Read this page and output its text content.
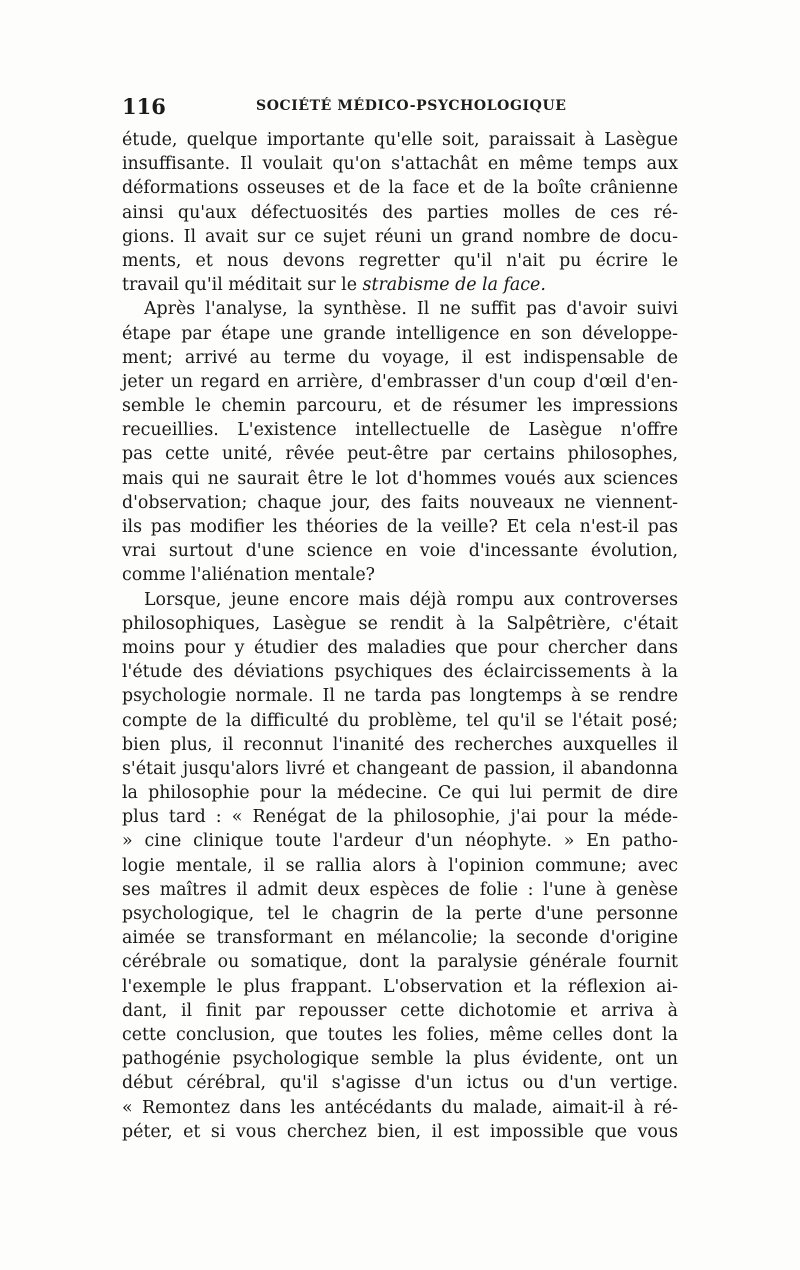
116	SOCIÉTÉ MÉDICO-PSYCHOLOGIQUE
étude, quelque importante qu'elle soit, paraissait à Lasègue
insuffisante. Il voulait qu'on s'attachât en même temps aux
déformations osseuses et de la face et de la boîte crânienne
ainsi qu'aux défectuosités des parties molles de ces ré-
gions. Il avait sur ce sujet réuni un grand nombre de docu-
ments, et nous devons regretter qu'il n'ait pu écrire le
travail qu'il méditait sur le strabisme de la face.
Après l'analyse, la synthèse. Il ne suffit pas d'avoir suivi
étape par étape une grande intelligence en son développe-
ment; arrivé au terme du voyage, il est indispensable de
jeter un regard en arrière, d'embrasser d'un coup d'œil d'en-
semble le chemin parcouru, et de résumer les impressions
recueillies. L'existence intellectuelle de Lasègue n'offre
pas cette unité, rêvée peut-être par certains philosophes,
mais qui ne saurait être le lot d'hommes voués aux sciences
d'observation; chaque jour, des faits nouveaux ne viennent-
ils pas modifier les théories de la veille? Et cela n'est-il pas
vrai surtout d'une science en voie d'incessante évolution,
comme l'aliénation mentale?
Lorsque, jeune encore mais déjà rompu aux controverses
philosophiques, Lasègue se rendit à la Salpêtrière, c'était
moins pour y étudier des maladies que pour chercher dans
l'étude des déviations psychiques des éclaircissements à la
psychologie normale. Il ne tarda pas longtemps à se rendre
compte de la difficulté du problème, tel qu'il se l'était posé;
bien plus, il reconnut l'inanité des recherches auxquelles il
s'était jusqu'alors livré et changeant de passion, il abandonna
la philosophie pour la médecine. Ce qui lui permit de dire
plus tard : « Renégat de la philosophie, j'ai pour la méde-
» cine clinique toute l'ardeur d'un néophyte. » En patho-
logie mentale, il se rallia alors à l'opinion commune; avec
ses maîtres il admit deux espèces de folie : l'une à genèse
psychologique, tel le chagrin de la perte d'une personne
aimée se transformant en mélancolie; la seconde d'origine
cérébrale ou somatique, dont la paralysie générale fournit
l'exemple le plus frappant. L'observation et la réflexion ai-
dant, il finit par repousser cette dichotomie et arriva à
cette conclusion, que toutes les folies, même celles dont la
pathogénie psychologique semble la plus évidente, ont un
début cérébral, qu'il s'agisse d'un ictus ou d'un vertige.
« Remontez dans les antécédants du malade, aimait-il à ré-
péter, et si vous cherchez bien, il est impossible que vous
